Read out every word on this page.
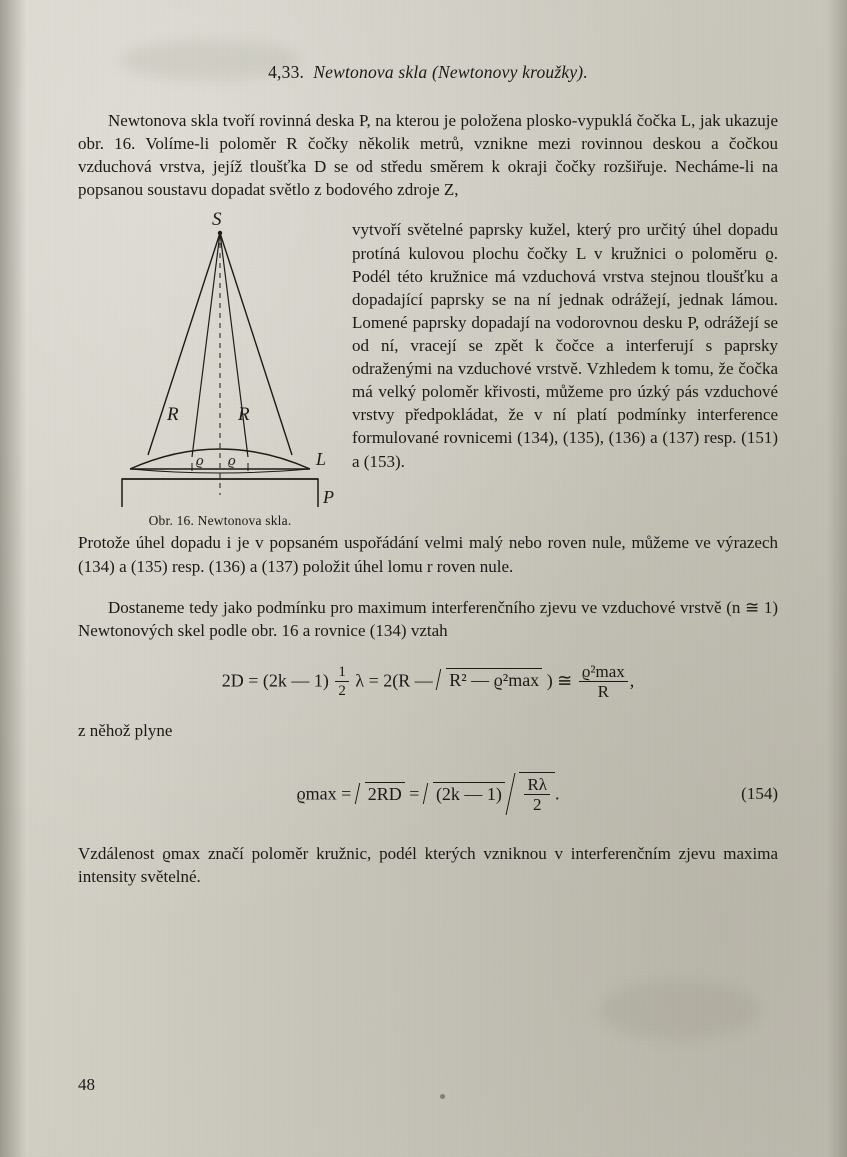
4,33. Newtonova skla (Newtonovy kroužky).

Newtonova skla tvoří rovinná deska P, na kterou je položena plosko-vypuklá čočka L, jak ukazuje obr. 16. Volíme-li poloměr R čočky několik metrů, vznikne mezi rovinnou deskou a čočkou vzduchová vrstva, jejíž tloušťka D se od středu směrem k okraji čočky rozšiřuje. Necháme-li na popsanou soustavu dopadat světlo z bodového zdroje Z,

S
R	R
ϱ ϱ	L
P
Obr. 16. Newtonova skla.

vytvoří světelné paprsky kužel, který pro určitý úhel dopadu protíná kulovou plochu čočky L v kružnici o poloměru ϱ. Podél této kružnice má vzduchová vrstva stejnou tloušťku a dopadající paprsky se na ní jednak odrážejí, jednak lámou. Lomené paprsky dopadají na vodorovnou desku P, odrážejí se od ní, vracejí se zpět k čočce a interferují s paprsky odraženými na vzduchové vrstvě. Vzhledem k tomu, že čočka má velký poloměr křivosti, můžeme pro úzký pás vzduchové vrstvy předpokládat, že v ní platí podmínky interference formulované rovnicemi (134), (135), (136) a (137) resp. (151) a (153).

Protože úhel dopadu i je v popsaném uspořádání velmi malý nebo roven nule, můžeme ve výrazech (134) a (135) resp. (136) a (137) položit úhel lomu r roven nule.

Dostaneme tedy jako podmínku pro maximum interferenčního zjevu ve vzduchové vrstvě (n ≅ 1) Newtonových skel podle obr. 16 a rovnice (134) vztah

2D = (2k — $1) \frac{1}{2}$ λ = 2(R — R² — ϱ²max ) ≅ $\frac{\text{ϱ²max}}{R}$ ,

z něhož plyne

ϱmax = 2RD = (2k — $1) \frac{R\lambda}{2}$ .	(154)

Vzdálenost ϱmax značí poloměr kružnic, podél kterých vzniknou v interferenčním zjevu maxima intensity světelné.

48
